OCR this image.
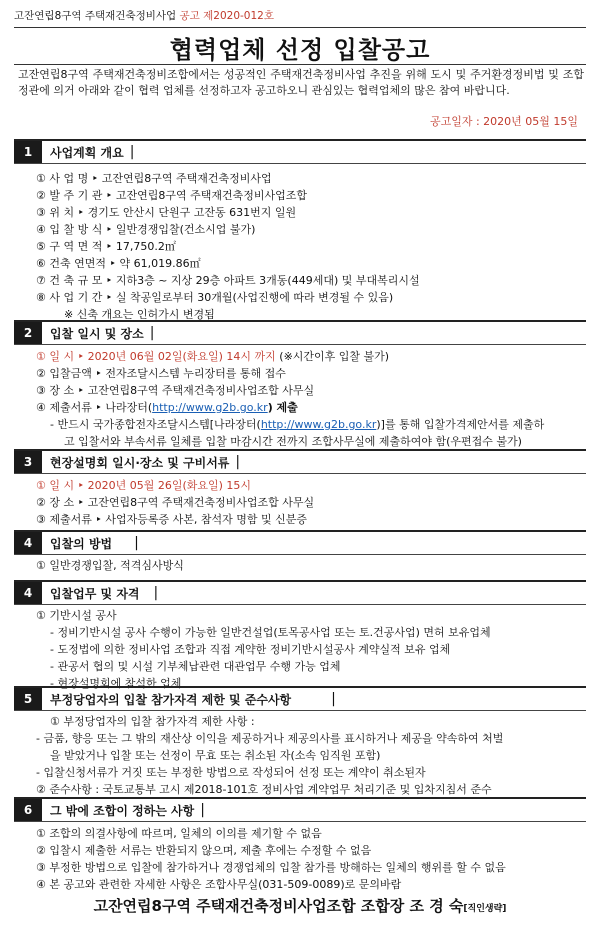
고잔연립8구역 주택재건축정비사업 공고 제2020-012호
협력업체 선정 입찰공고
고잔연립8구역 주택재건축정비조합에서는 성공적인 주택재건축정비사업 추진을 위해 도시 및 주거환경정비법 및 조합정관에 의거 아래와 같이 협력 업체를 선정하고자 공고하오니 관심있는 협력업체의 많은 참여 바랍니다.
공고일자 : 2020년 05월 15일
1	사업계획 개요 |
① 사 업 명 ‣ 고잔연립8구역 주택재건축정비사업
② 발 주 기 관 ‣ 고잔연립8구역 주택재건축정비사업조합
③ 위 치 ‣ 경기도 안산시 단원구 고잔동 631번지 일원
④ 입 찰 방 식 ‣ 일반경쟁입찰(건소시업 불가)
⑤ 구 역 면 적 ‣ 17,750.2㎡
⑥ 건축 연면적 ‣ 약 61,019.86㎡
⑦ 건 축 규 모 ‣ 지하3층 ~ 지상 29층 아파트 3개동(449세대) 및 부대복리시설
⑧ 사 업 기 간 ‣ 실 착공일로부터 30개월(사업진행에 따라 변경될 수 있음)
※ 신축 개요는 인허가시 변경됨
2	입찰 일시 및 장소 |
① 일 시 ‣ 2020년 06월 02일(화요일) 14시 까지 (※시간이후 입찰 불가)
② 입찰금액 ‣ 전자조달시스템 누리장터를 통해 접수
③ 장 소 ‣ 고잔연립8구역 주택재건축정비사업조합 사무실
④ 제출서류 ‣ 나라장터(http://www.g2b.go.kr) 제출
- 반드시 국가종합전자조달시스템[나라장터(http://www.g2b.go.kr)]를 통해 입찰가격제안서를 제출하
고 입찰서와 부속서류 일체를 입찰 마감시간 전까지 조합사무실에 제출하여야 함(우편접수 불가)
3	현장설명회 일시·장소 및 구비서류 |
① 일 시 ‣ 2020년 05월 26일(화요일) 15시
② 장 소 ‣ 고잔연립8구역 주택재건축정비사업조합 사무실
③ 제출서류 ‣ 사업자등록증 사본, 참석자 명함 및 신분증
4	입찰의 방법 |
① 일반경쟁입찰, 적격심사방식
4	입찰업무 및 자격 |
① 기반시설 공사
- 정비기반시설 공사 수행이 가능한 일반건설업(토목공사업 또는 토.건공사업) 면허 보유업체
- 도정법에 의한 정비사업 조합과 직접 계약한 정비기반시설공사 계약실적 보유 업체
- 관공서 협의 및 시설 기부체납관련 대관업무 수행 가능 업체
- 현장설명회에 참석한 업체
5	부정당업자의 입찰 참가자격 제한 및 준수사항	|
① 부정당업자의 입찰 참가자격 제한 사항 :
- 금품, 향응 또는 그 밖의 재산상 이익을 제공하거나 제공의사를 표시하거나 제공을 약속하여 처벌
을 받았거나 입찰 또는 선정이 무효 또는 취소된 자(소속 임직원 포함)
- 입찰신청서류가 거짓 또는 부정한 방법으로 작성되어 선정 또는 계약이 취소된자
② 준수사항 : 국토교통부 고시 제2018-101호 정비사업 계약업무 처리기준 및 입차지침서 준수
6	그 밖에 조합이 정하는 사항 |
① 조합의 의결사항에 따르며, 일체의 이의를 제기할 수 없음
② 입찰시 제출한 서류는 반환되지 않으며, 제출 후에는 수정할 수 없음
③ 부정한 방법으로 입찰에 참가하거나 경쟁업체의 입찰 참가를 방해하는 일체의 행위를 할 수 없음
④ 본 공고와 관련한 자세한 사항은 조합사무실(031-509-0089)로 문의바람
고잔연립8구역 주택재건축정비사업조합 조합장 조 경 숙[직인생략]
